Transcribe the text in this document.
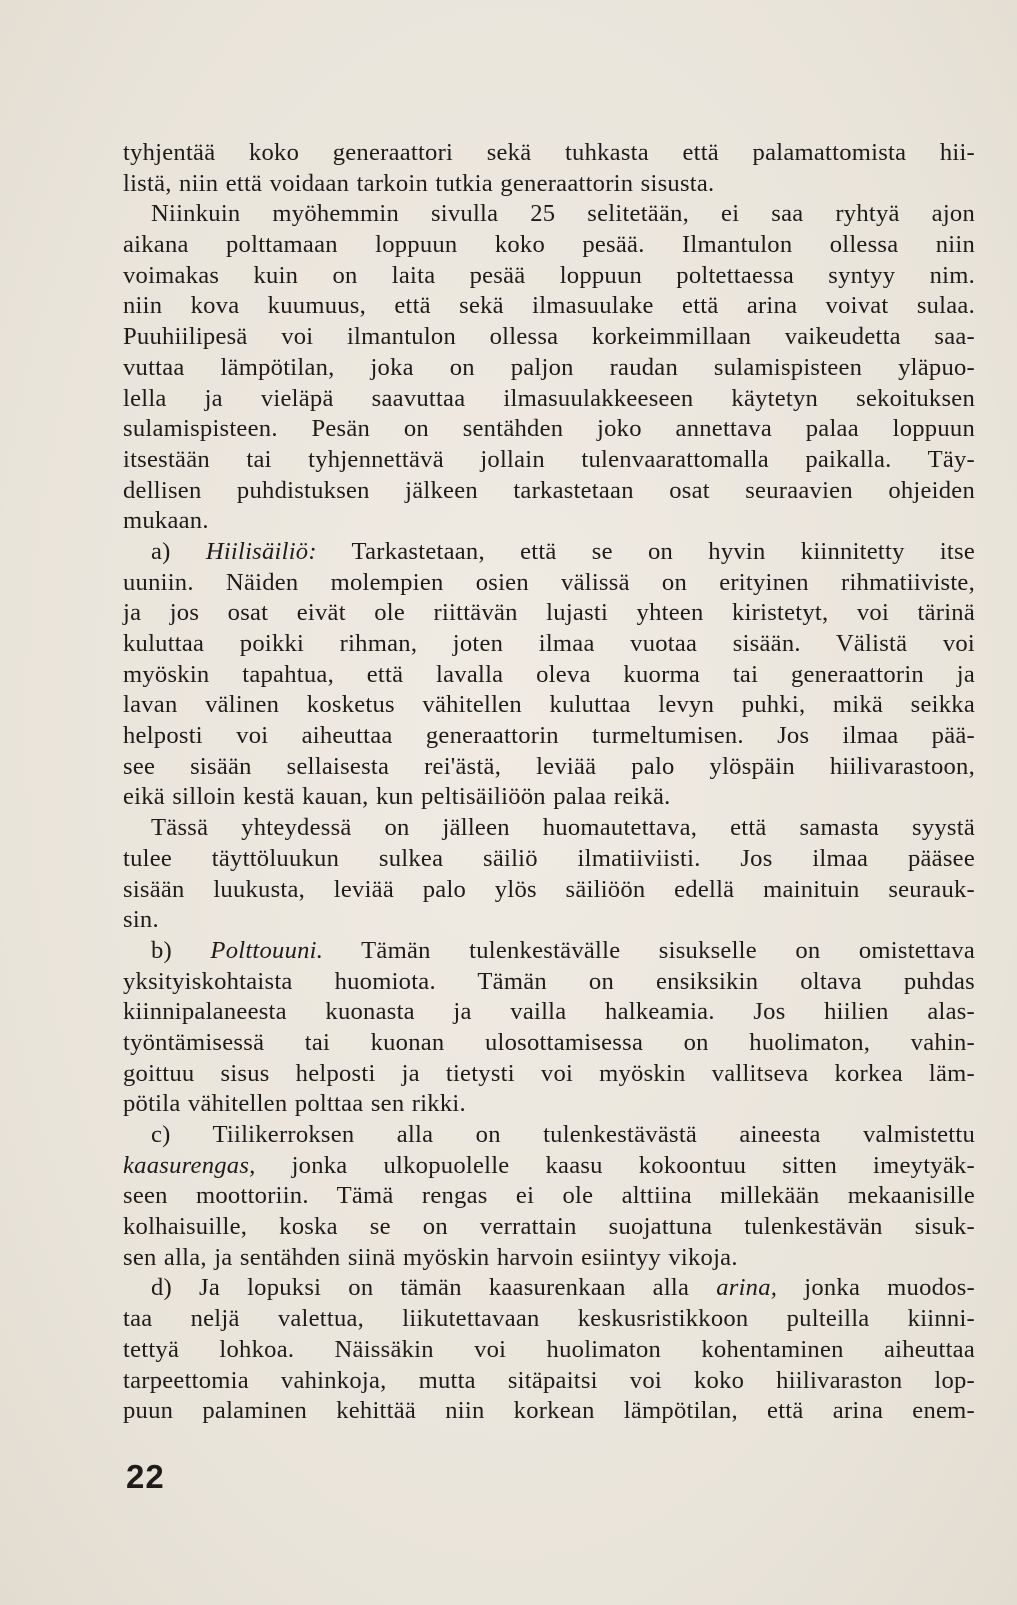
tyhjentää koko generaattori sekä tuhkasta että palamattomista hii-
listä, niin että voidaan tarkoin tutkia generaattorin sisusta.
Niinkuin myöhemmin sivulla 25 selitetään, ei saa ryhtyä ajon
aikana polttamaan loppuun koko pesää. Ilmantulon ollessa niin
voimakas kuin on laita pesää loppuun poltettaessa syntyy nim.
niin kova kuumuus, että sekä ilmasuulake että arina voivat sulaa.
Puuhiilipesä voi ilmantulon ollessa korkeimmillaan vaikeudetta saa-
vuttaa lämpötilan, joka on paljon raudan sulamispisteen yläpuo-
lella ja vieläpä saavuttaa ilmasuulakkeeseen käytetyn sekoituksen
sulamispisteen. Pesän on sentähden joko annettava palaa loppuun
itsestään tai tyhjennettävä jollain tulenvaarattomalla paikalla. Täy-
dellisen puhdistuksen jälkeen tarkastetaan osat seuraavien ohjeiden
mukaan.
a) Hiilisäiliö: Tarkastetaan, että se on hyvin kiinnitetty itse
uuniin. Näiden molempien osien välissä on erityinen rihmatiiviste,
ja jos osat eivät ole riittävän lujasti yhteen kiristetyt, voi tärinä
kuluttaa poikki rihman, joten ilmaa vuotaa sisään. Välistä voi
myöskin tapahtua, että lavalla oleva kuorma tai generaattorin ja
lavan välinen kosketus vähitellen kuluttaa levyn puhki, mikä seikka
helposti voi aiheuttaa generaattorin turmeltumisen. Jos ilmaa pää-
see sisään sellaisesta rei'ästä, leviää palo ylöspäin hiilivarastoon,
eikä silloin kestä kauan, kun peltisäiliöön palaa reikä.
Tässä yhteydessä on jälleen huomautettava, että samasta syystä
tulee täyttöluukun sulkea säiliö ilmatiiviisti. Jos ilmaa pääsee
sisään luukusta, leviää palo ylös säiliöön edellä mainituin seurauk-
sin.
b) Polttouuni. Tämän tulenkestävälle sisukselle on omistettava
yksityiskohtaista huomiota. Tämän on ensiksikin oltava puhdas
kiinnipalaneesta kuonasta ja vailla halkeamia. Jos hiilien alas-
työntämisessä tai kuonan ulosottamisessa on huolimaton, vahin-
goittuu sisus helposti ja tietysti voi myöskin vallitseva korkea läm-
pötila vähitellen polttaa sen rikki.
c) Tiilikerroksen alla on tulenkestävästä aineesta valmistettu
kaasurengas, jonka ulkopuolelle kaasu kokoontuu sitten imeytyäk-
seen moottoriin. Tämä rengas ei ole alttiina millekään mekaanisille
kolhaisuille, koska se on verrattain suojattuna tulenkestävän sisuk-
sen alla, ja sentähden siinä myöskin harvoin esiintyy vikoja.
d) Ja lopuksi on tämän kaasurenkaan alla arina, jonka muodos-
taa neljä valettua, liikutettavaan keskusristikkoon pulteilla kiinni-
tettyä lohkoa. Näissäkin voi huolimaton kohentaminen aiheuttaa
tarpeettomia vahinkoja, mutta sitäpaitsi voi koko hiilivaraston lop-
puun palaminen kehittää niin korkean lämpötilan, että arina enem-
22
